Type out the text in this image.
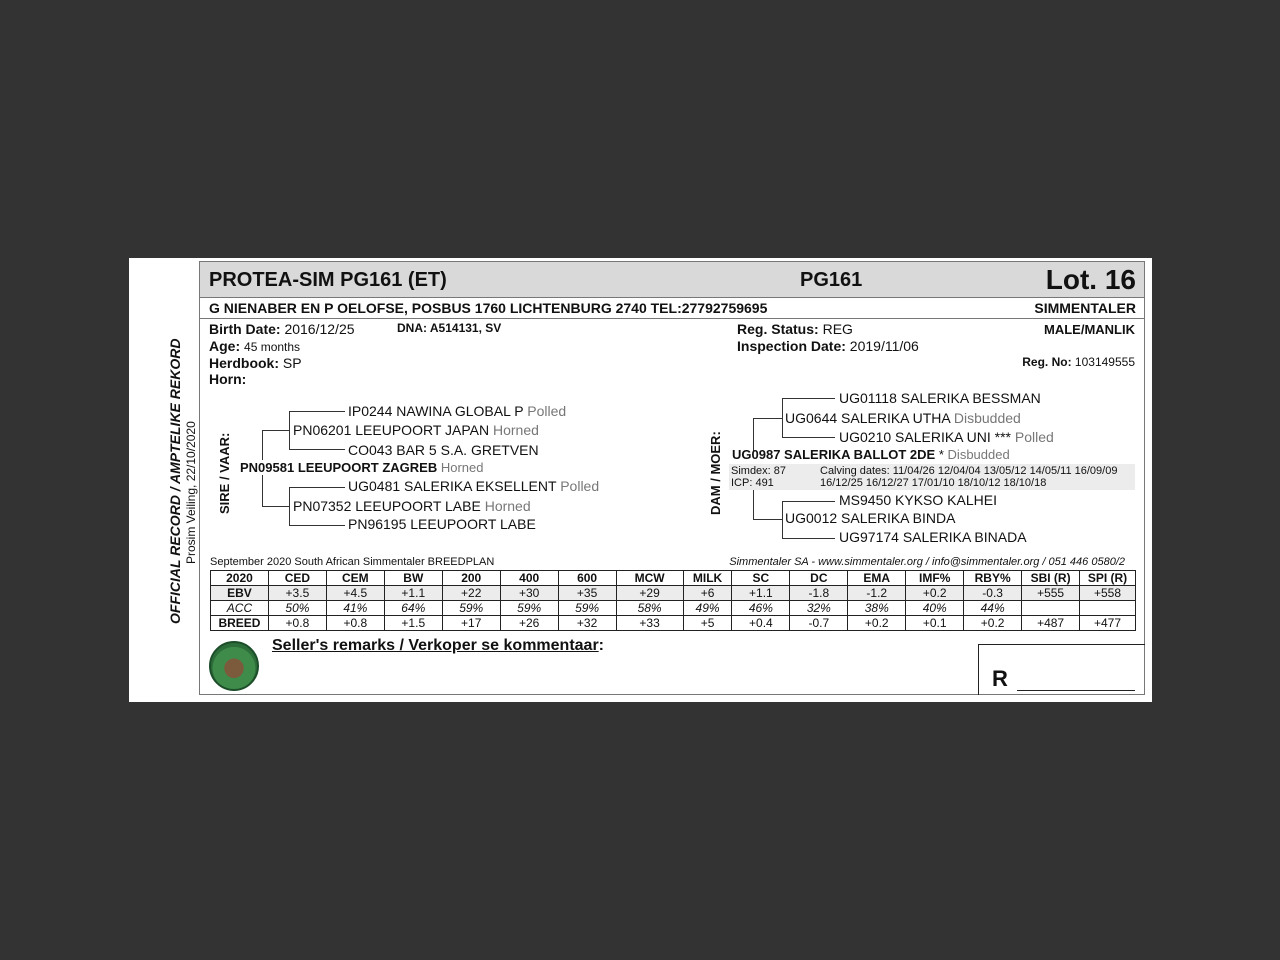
OFFICIAL RECORD / AMPTELIKE REKORD Prosim Veiling, 22/10/2020
PROTEA-SIM PG161 (ET)	PG161	Lot. 16
G NIENABER EN P OELOFSE, POSBUS 1760 LICHTENBURG 2740 TEL:27792759695	SIMMENTALER
Birth Date: 2016/12/25	DNA: A514131, SV
Age: 45 months
Herdbook: SP
Horn:
Reg. Status: REG
Inspection Date: 2019/11/06
MALE/MANLIK
Reg. No: 103149555
SIRE / VAAR:
IP0244 NAWINA GLOBAL P Polled
PN06201 LEEUPOORT JAPAN Horned
CO043 BAR 5 S.A. GRETVEN
PN09581 LEEUPOORT ZAGREB Horned
UG0481 SALERIKA EKSELLENT Polled
PN07352 LEEUPOORT LABE Horned
PN96195 LEEUPOORT LABE
DAM / MOER:
UG01118 SALERIKA BESSMAN
UG0644 SALERIKA UTHA Disbudded
UG0210 SALERIKA UNI *** Polled
UG0987 SALERIKA BALLOT 2DE * Disbudded
Simdex: 87
ICP: 491
Calving dates: 11/04/26 12/04/04 13/05/12 14/05/11 16/09/09
16/12/25 16/12/27 17/01/10 18/10/12 18/10/18
MS9450 KYKSO KALHEI
UG0012 SALERIKA BINDA
UG97174 SALERIKA BINADA
September 2020 South African Simmentaler BREEDPLAN	Simmentaler SA - www.simmentaler.org / info@simmentaler.org / 051 446 0580/2
2020	CED	CEM	BW	200	400	600	MCW	MILK	SC	DC	EMA	IMF%	RBY%	SBI (R)	SPI (R)
EBV	+3.5	+4.5	+1.1	+22	+30	+35	+29	+6	+1.1	-1.8	-1.2	+0.2	-0.3	+555	+558
ACC	50%	41%	64%	59%	59%	59%	58%	49%	46%	32%	38%	40%	44%		
BREED	+0.8	+0.8	+1.5	+17	+26	+32	+33	+5	+0.4	-0.7	+0.2	+0.1	+0.2	+487	+477
Seller's remarks / Verkoper se kommentaar:
R
